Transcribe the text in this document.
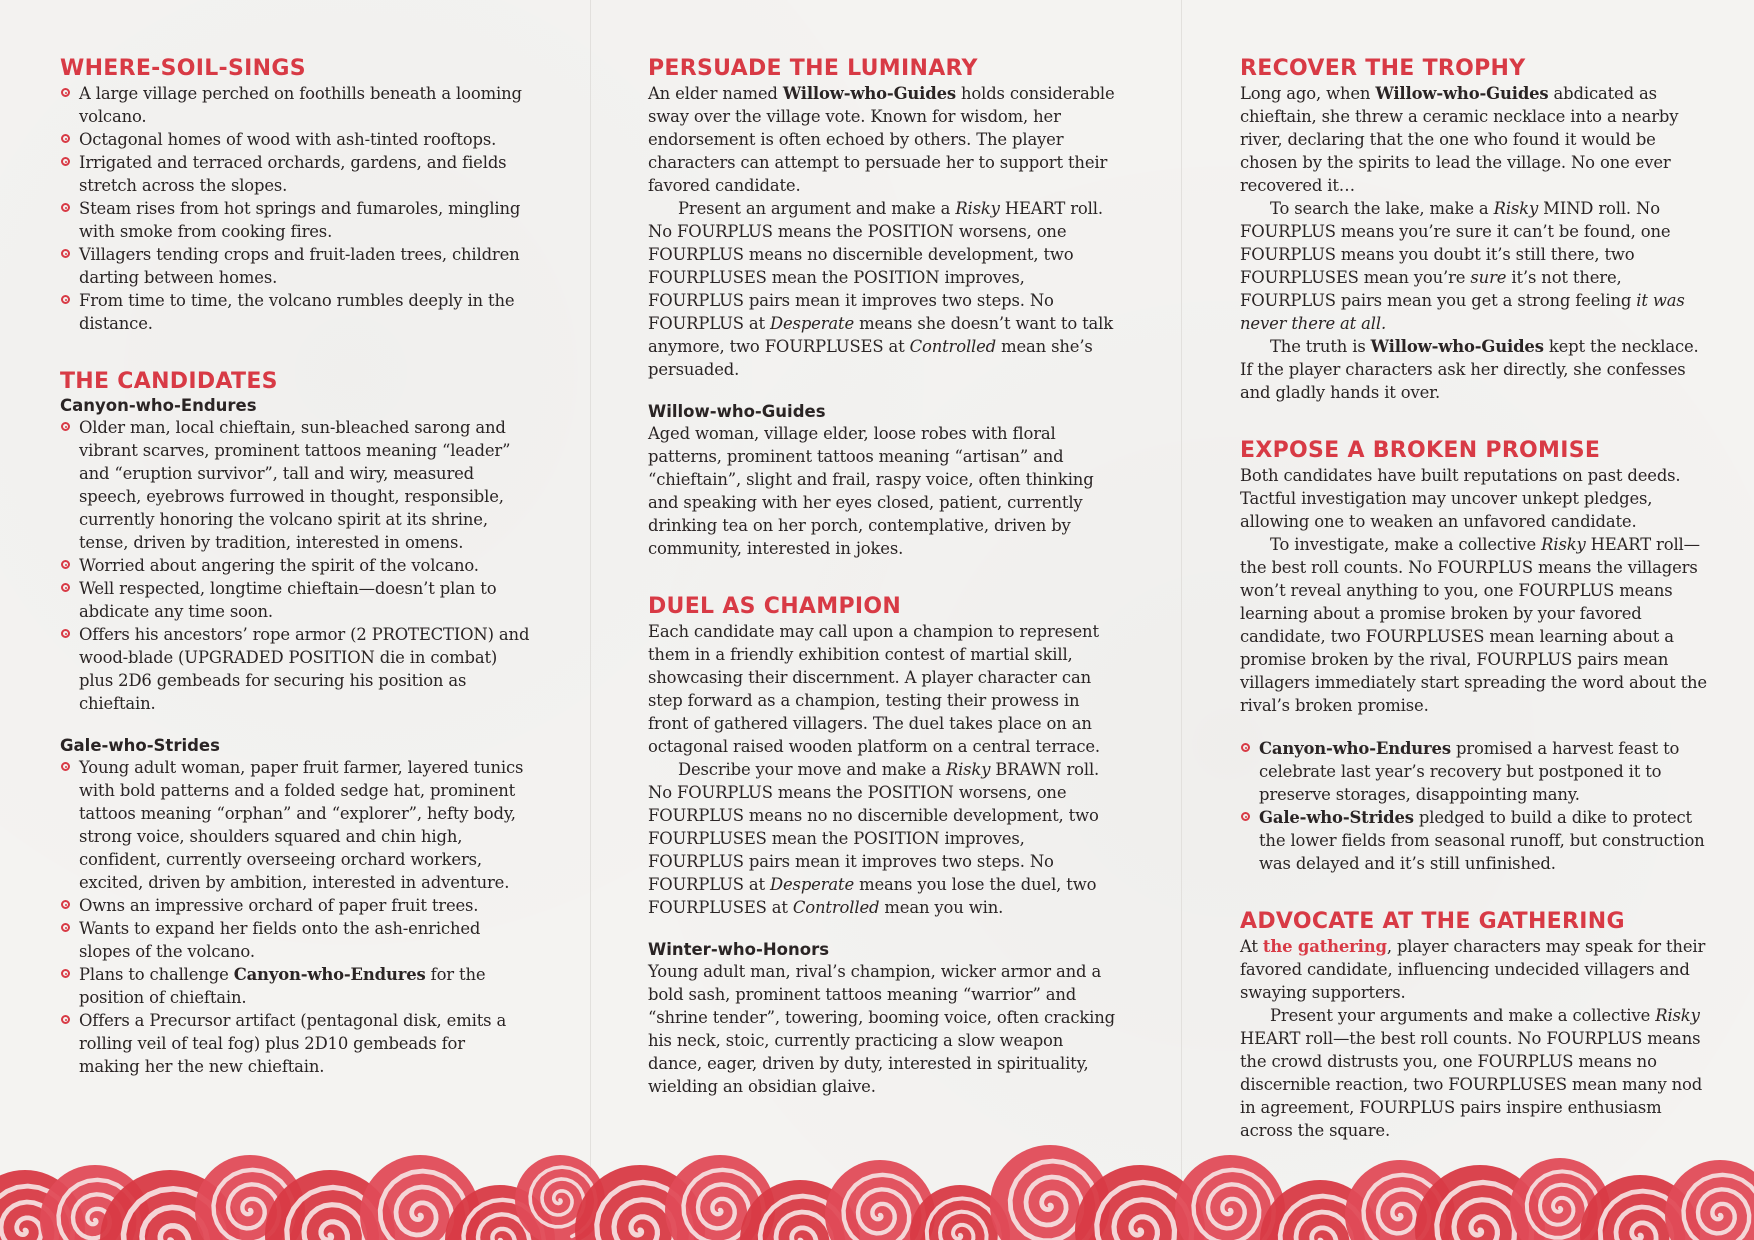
WHERE-SOIL-SINGS
A large village perched on foothills beneath a looming volcano.
Octagonal homes of wood with ash-tinted rooftops.
Irrigated and terraced orchards, gardens, and fields stretch across the slopes.
Steam rises from hot springs and fumaroles, mingling with smoke from cooking fires.
Villagers tending crops and fruit-laden trees, children darting between homes.
From time to time, the volcano rumbles deeply in the distance.
THE CANDIDATES
Canyon-who-Endures
Older man, local chieftain, sun-bleached sarong and vibrant scarves, prominent tattoos meaning “leader” and “eruption survivor”, tall and wiry, measured speech, eyebrows furrowed in thought, responsible, currently honoring the volcano spirit at its shrine, tense, driven by tradition, interested in omens.
Worried about angering the spirit of the volcano.
Well respected, longtime chieftain—doesn’t plan to abdicate any time soon.
Offers his ancestors’ rope armor (2 PROTECTION) and wood-blade (UPGRADED POSITION die in combat) plus 2D6 gembeads for securing his position as chieftain.
Gale-who-Strides
Young adult woman, paper fruit farmer, layered tunics with bold patterns and a folded sedge hat, prominent tattoos meaning “orphan” and “explorer”, hefty body, strong voice, shoulders squared and chin high, confident, currently overseeing orchard workers, excited, driven by ambition, interested in adventure.
Owns an impressive orchard of paper fruit trees.
Wants to expand her fields onto the ash-enriched slopes of the volcano.
Plans to challenge Canyon-who-Endures for the position of chieftain.
Offers a Precursor artifact (pentagonal disk, emits a rolling veil of teal fog) plus 2D10 gembeads for making her the new chieftain.
PERSUADE THE LUMINARY

An elder named Willow-who-Guides holds considerable sway over the village vote. Known for wisdom, her endorsement is often echoed by others. The player characters can attempt to persuade her to support their favored candidate.

Present an argument and make a Risky HEART roll. No FOURPLUS means the POSITION worsens, one FOURPLUS means no discernible development, two FOURPLUSES mean the POSITION improves, FOURPLUS pairs mean it improves two steps. No FOURPLUS at Desperate means she doesn’t want to talk anymore, two FOURPLUSES at Controlled mean she’s persuaded.

Willow-who-Guides

Aged woman, village elder, loose robes with floral patterns, prominent tattoos meaning “artisan” and “chieftain”, slight and frail, raspy voice, often thinking and speaking with her eyes closed, patient, currently drinking tea on her porch, contemplative, driven by community, interested in jokes.

DUEL AS CHAMPION

Each candidate may call upon a champion to represent them in a friendly exhibition contest of martial skill, showcasing their discernment. A player character can step forward as a champion, testing their prowess in front of gathered villagers. The duel takes place on an octagonal raised wooden platform on a central terrace.

Describe your move and make a Risky BRAWN roll. No FOURPLUS means the POSITION worsens, one FOURPLUS means no no discernible development, two FOURPLUSES mean the POSITION improves, FOURPLUS pairs mean it improves two steps. No FOURPLUS at Desperate means you lose the duel, two FOURPLUSES at Controlled mean you win.

Winter-who-Honors

Young adult man, rival’s champion, wicker armor and a bold sash, prominent tattoos meaning “warrior” and “shrine tender”, towering, booming voice, often cracking his neck, stoic, currently practicing a slow weapon dance, eager, driven by duty, interested in spirituality, wielding an obsidian glaive.

RECOVER THE TROPHY

Long ago, when Willow-who-Guides abdicated as chieftain, she threw a ceramic necklace into a nearby river, declaring that the one who found it would be chosen by the spirits to lead the village. No one ever recovered it…

To search the lake, make a Risky MIND roll. No FOURPLUS means you’re sure it can’t be found, one FOURPLUS means you doubt it’s still there, two FOURPLUSES mean you’re sure it’s not there, FOURPLUS pairs mean you get a strong feeling it was never there at all.

The truth is Willow-who-Guides kept the necklace. If the player characters ask her directly, she confesses and gladly hands it over.

EXPOSE A BROKEN PROMISE

Both candidates have built reputations on past deeds. Tactful investigation may uncover unkept pledges, allowing one to weaken an unfavored candidate.

To investigate, make a collective Risky HEART roll—the best roll counts. No FOURPLUS means the villagers won’t reveal anything to you, one FOURPLUS means learning about a promise broken by your favored candidate, two FOURPLUSES mean learning about a promise broken by the rival, FOURPLUS pairs mean villagers immediately start spreading the word about the rival’s broken promise.

Canyon-who-Endures promised a harvest feast to celebrate last year’s recovery but postponed it to preserve storages, disappointing many.
Gale-who-Strides pledged to build a dike to protect the lower fields from seasonal runoff, but construction was delayed and it’s still unfinished.
ADVOCATE AT THE GATHERING

At the gathering, player characters may speak for their favored candidate, influencing undecided villagers and swaying supporters.

Present your arguments and make a collective Risky HEART roll—the best roll counts. No FOURPLUS means the crowd distrusts you, one FOURPLUS means no discernible reaction, two FOURPLUSES mean many nod in agreement, FOURPLUS pairs inspire enthusiasm across the square.
